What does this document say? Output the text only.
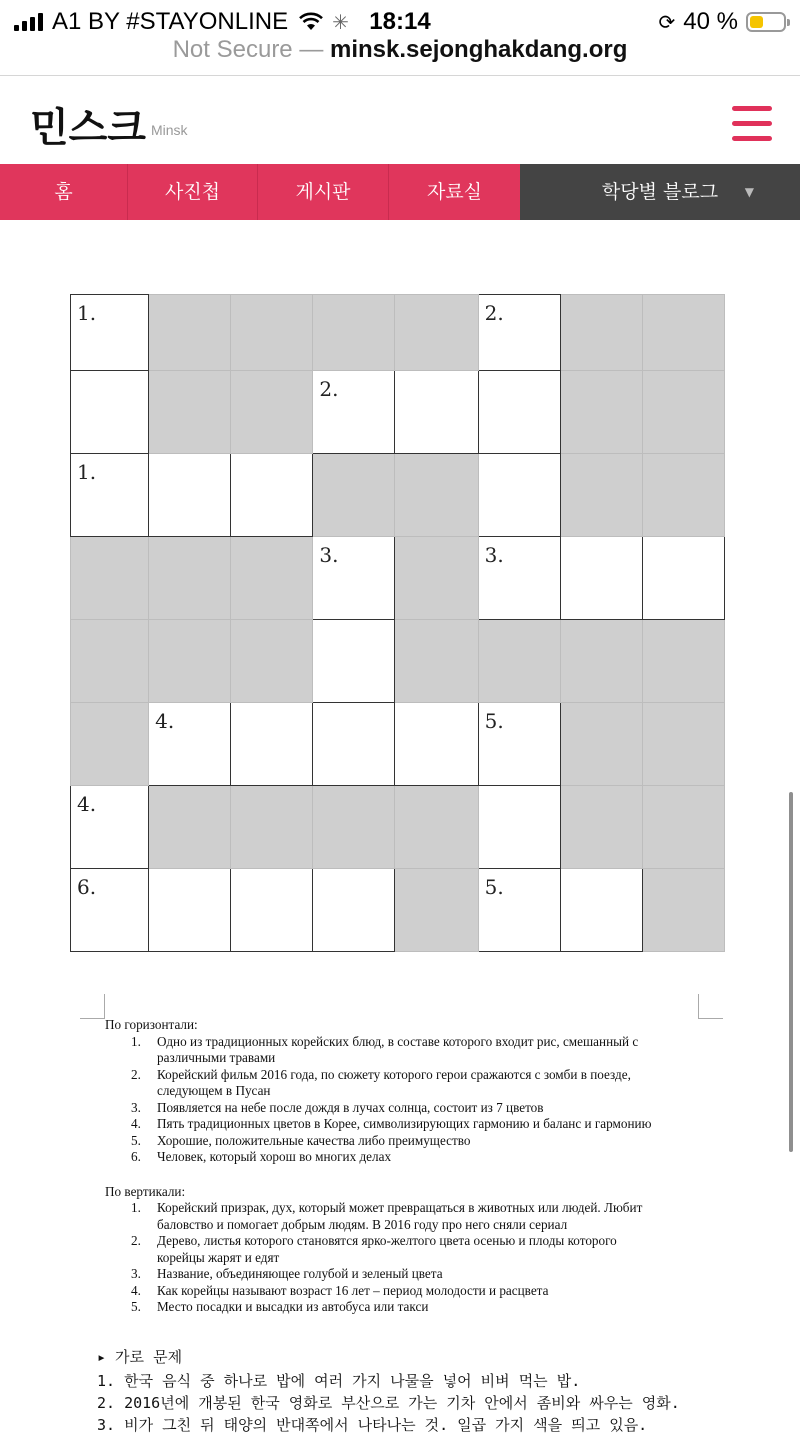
A1 BY #STAYONLINE ✳ 18:14	⟳ 40 %
Not Secure — minsk.sejonghakdang.org
민스크 Minsk
홈	사진첩	게시판	자료실	학당별 블로그 ▼
1.					2.		

			2.				

1.							

			3.		3.		

	4.				5.		

4.							

6.					5.		

По горизонтали:

1. Одно из традиционных корейских блюд, в составе которого входит рис, смешанный с
различными травами
2. Корейский фильм 2016 года, по сюжету которого герои сражаются с зомби в поезде,
следующем в Пусан
3. Появляется на небе после дождя в лучах солнца, состоит из 7 цветов
4. Пять традиционных цветов в Корее, символизирующих гармонию и баланс и гармонию
5. Хорошие, положительные качества либо преимущество
6. Человек, который хорош во многих делах

По вертикали:

1. Корейский призрак, дух, который может превращаться в животных или людей. Любит
баловство и помогает добрым людям. В 2016 году про него сняли сериал
2. Дерево, листья которого становятся ярко-желтого цвета осенью и плоды которого
корейцы жарят и едят
3. Название, объединяющее голубой и зеленый цвета
4. Как корейцы называют возраст 16 лет – период молодости и расцвета
5. Место посадки и высадки из автобуса или такси
▸ 가로 문제
1. 한국 음식 중 하나로 밥에 여러 가지 나물을 넣어 비벼 먹는 밥.
2. 2016년에 개봉된 한국 영화로 부산으로 가는 기차 안에서 좀비와 싸우는 영화.
3. 비가 그친 뒤 태양의 반대쪽에서 나타나는 것. 일곱 가지 색을 띄고 있음.
